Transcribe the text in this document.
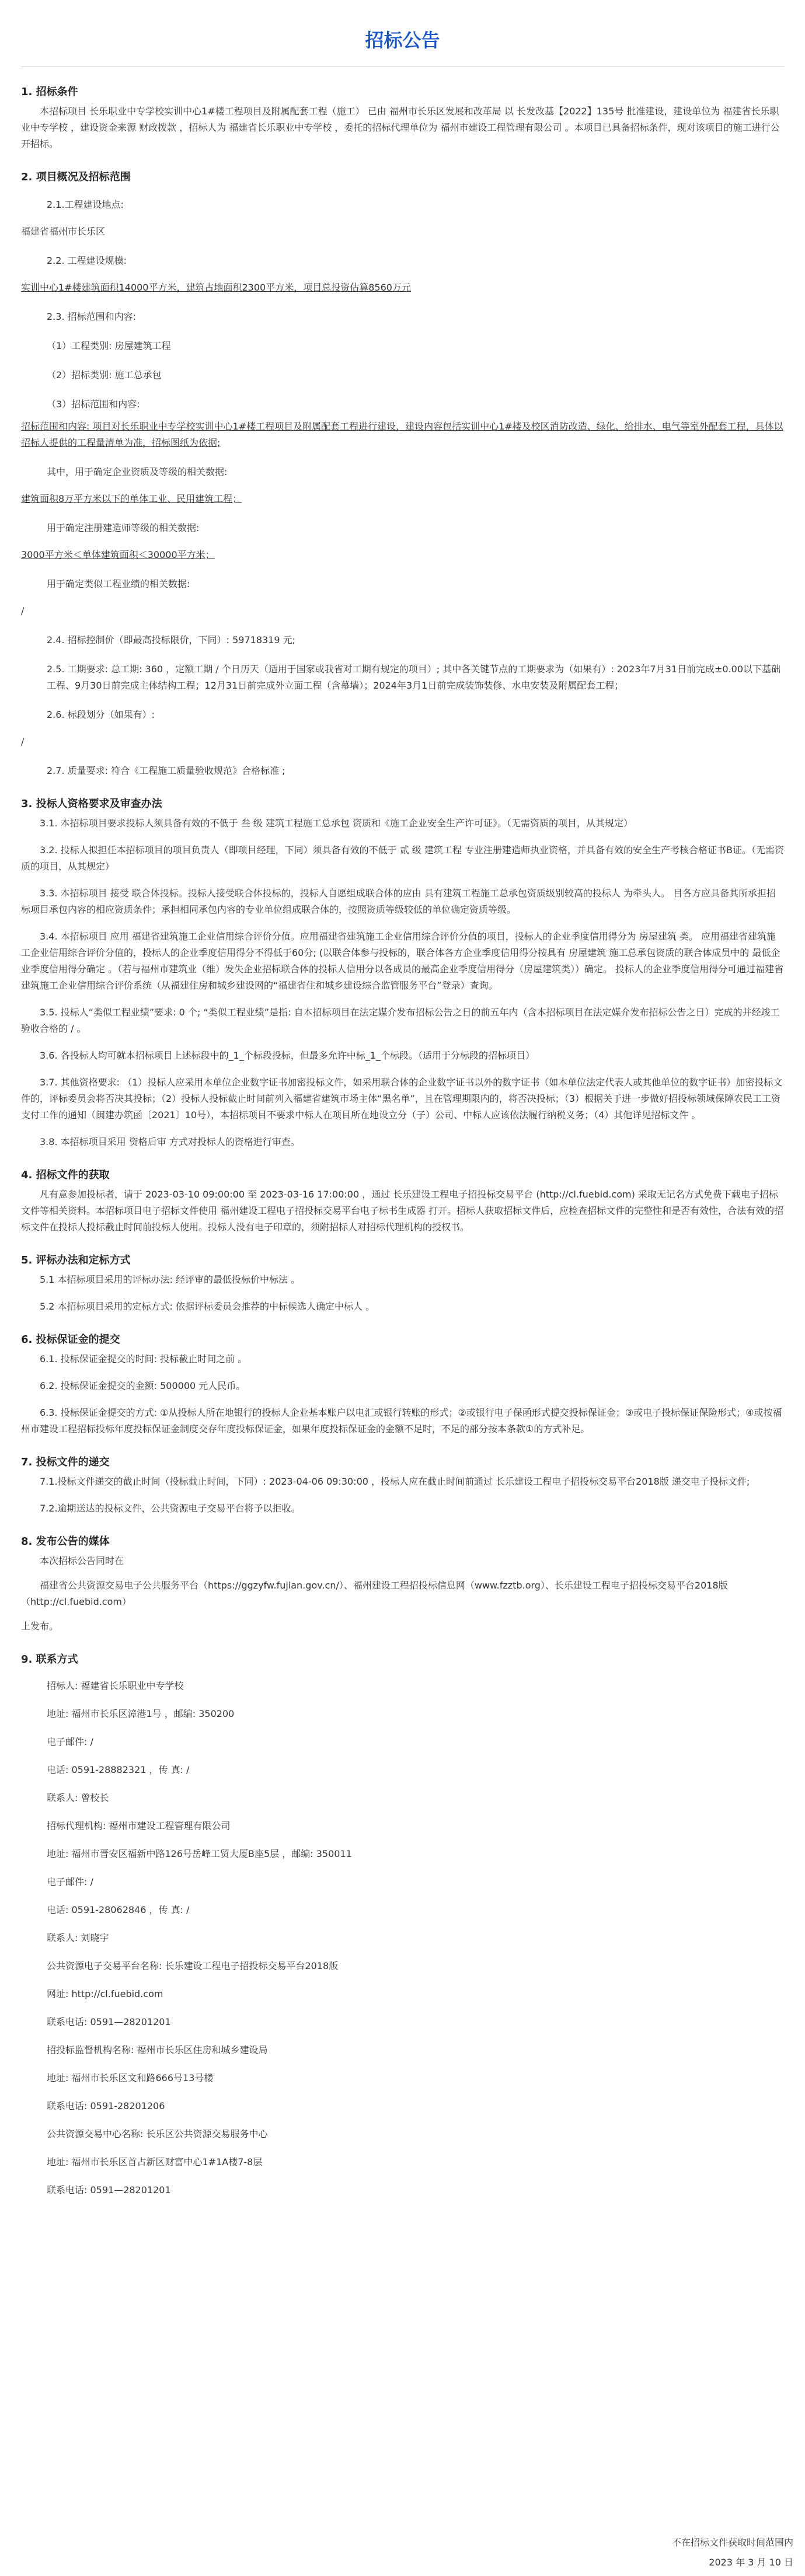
招标公告
1. 招标条件

本招标项目 长乐职业中专学校实训中心1#楼工程项目及附属配套工程（施工） 已由 福州市长乐区发展和改革局 以 长发改基【2022】135号 批准建设，建设单位为 福建省长乐职业中专学校 ，建设资金来源 财政拨款 ，招标人为 福建省长乐职业中专学校 ，委托的招标代理单位为 福州市建设工程管理有限公司 。本项目已具备招标条件，现对该项目的施工进行公开招标。

2. 项目概况及招标范围

2.1.工程建设地点:

福建省福州市长乐区

2.2. 工程建设规模:

实训中心1#楼建筑面积14000平方米，建筑占地面积2300平方米，项目总投资估算8560万元

2.3. 招标范围和内容:

（1）工程类别: 房屋建筑工程

（2）招标类别: 施工总承包

（3）招标范围和内容:

招标范围和内容: 项目对长乐职业中专学校实训中心1#楼工程项目及附属配套工程进行建设，建设内容包括实训中心1#楼及校区消防改造、绿化、给排水、电气等室外配套工程，具体以招标人提供的工程量清单为准，招标图纸为依据;

其中，用于确定企业资质及等级的相关数据:

建筑面积8万平方米以下的单体工业、民用建筑工程；

用于确定注册建造师等级的相关数据:

3000平方米＜单体建筑面积＜30000平方米；

用于确定类似工程业绩的相关数据:

/

2.4. 招标控制价（即最高投标限价，下同）: 59718319 元;

2.5. 工期要求: 总工期: 360 ，定额工期 / 个日历天（适用于国家或我省对工期有规定的项目）; 其中各关键节点的工期要求为（如果有）: 2023年7月31日前完成±0.00以下基础工程、9月30日前完成主体结构工程；12月31日前完成外立面工程（含幕墙）；2024年3月1日前完成装饰装修、水电安装及附属配套工程；

2.6. 标段划分（如果有）:

/

2.7. 质量要求: 符合《工程施工质量验收规范》合格标准 ;

3. 投标人资格要求及审查办法

3.1. 本招标项目要求投标人须具备有效的不低于 叁 级 建筑工程施工总承包 资质和《施工企业安全生产许可证》。（无需资质的项目，从其规定）

3.2. 投标人拟担任本招标项目的项目负责人（即项目经理，下同）须具备有效的不低于 贰 级 建筑工程 专业注册建造师执业资格，并具备有效的安全生产考核合格证书B证。（无需资质的项目，从其规定）

3.3. 本招标项目 接受 联合体投标。投标人接受联合体投标的，投标人自愿组成联合体的应由 具有建筑工程施工总承包资质级别较高的投标人 为牵头人。 目各方应具备其所承担招标项目承包内容的相应资质条件；承担相同承包内容的专业单位组成联合体的，按照资质等级较低的单位确定资质等级。

3.4. 本招标项目 应用 福建省建筑施工企业信用综合评价分值。应用福建省建筑施工企业信用综合评价分值的项目，投标人的企业季度信用得分为 房屋建筑 类。 应用福建省建筑施工企业信用综合评价分值的，投标人的企业季度信用得分不得低于60分; (以联合体参与投标的，联合体各方企业季度信用得分按具有 房屋建筑 施工总承包资质的联合体成员中的 最低企业季度信用得分确定 。（若与福州市建筑业（维）发失企业招标联合体的投标人信用分以各成员的最高企业季度信用得分（房屋建筑类））确定。 投标人的企业季度信用得分可通过福建省建筑施工企业信用综合评价系统（从福建住房和城乡建设网的“福建省住和城乡建设综合监管服务平台”登录）查询。

3.5. 投标人“类似工程业绩”要求: 0 个; “类似工程业绩”是指: 自本招标项目在法定媒介发布招标公告之日的前五年内（含本招标项目在法定媒介发布招标公告之日）完成的并经竣工验收合格的 / 。

3.6. 各投标人均可就本招标项目上述标段中的_1_个标段投标，但最多允许中标_1_个标段。（适用于分标段的招标项目）

3.7. 其他资格要求: （1）投标人应采用本单位企业数字证书加密投标文件，如采用联合体的企业数字证书以外的数字证书（如本单位法定代表人或其他单位的数字证书）加密投标文件的，评标委员会将否决其投标；（2）投标人投标截止时间前列入福建省建筑市场主体“黑名单”，且在管理期限内的，将否决投标；（3）根据关于进一步做好招投标领域保障农民工工资支付工作的通知（闽建办筑函〔2021〕10号），本招标项目不要求中标人在项目所在地设立分（子）公司、中标人应该依法履行纳税义务；（4）其他详见招标文件 。

3.8. 本招标项目采用 资格后审 方式对投标人的资格进行审查。

4. 招标文件的获取

凡有意参加投标者，请于 2023-03-10 09:00:00 至 2023-03-16 17:00:00 ，通过 长乐建设工程电子招投标交易平台 (http://cl.fuebid.com) 采取无记名方式免费下载电子招标文件等相关资料。本招标项目电子招标文件使用 福州建设工程电子招投标交易平台电子标书生成器 打开。招标人获取招标文件后，应检查招标文件的完整性和是否有效性，合法有效的招标文件在投标人投标截止时间前投标人使用。投标人没有电子印章的，须附招标人对招标代理机构的授权书。

5. 评标办法和定标方式

5.1 本招标项目采用的评标办法: 经评审的最低投标价中标法 。

5.2 本招标项目采用的定标方式: 依据评标委员会推荐的中标候选人确定中标人 。

6. 投标保证金的提交

6.1. 投标保证金提交的时间: 投标截止时间之前 。

6.2. 投标保证金提交的金额: 500000 元人民币。

6.3. 投标保证金提交的方式: ①从投标人所在地银行的投标人企业基本账户以电汇或银行转账的形式；②或银行电子保函形式提交投标保证金；③或电子投标保证保险形式；④或按福州市建设工程招标投标年度投标保证金制度交存年度投标保证金，如果年度投标保证金的金额不足时，不足的部分按本条款①的方式补足。

7. 投标文件的递交

7.1.投标文件递交的截止时间（投标截止时间，下同）: 2023-04-06 09:30:00 ，投标人应在截止时间前通过 长乐建设工程电子招投标交易平台2018版 递交电子投标文件;

7.2.逾期送达的投标文件，公共资源电子交易平台将予以拒收。

8. 发布公告的媒体

本次招标公告同时在

福建省公共资源交易电子公共服务平台（https://ggzyfw.fujian.gov.cn/）、福州建设工程招投标信息网（www.fzztb.org）、长乐建设工程电子招投标交易平台2018版（http://cl.fuebid.com）

上发布。

9. 联系方式

招标人: 福建省长乐职业中专学校

地址: 福州市长乐区漳港1号 ，邮编: 350200

电子邮件: /

电话: 0591-28882321 ，传 真: /

联系人: 曾校长

招标代理机构: 福州市建设工程管理有限公司

地址: 福州市晋安区福新中路126号岳峰工贸大厦B座5层 ，邮编: 350011

电子邮件: /

电话: 0591-28062846 ，传 真: /

联系人: 刘晓宇

公共资源电子交易平台名称: 长乐建设工程电子招投标交易平台2018版

网址: http://cl.fuebid.com

联系电话: 0591—28201201

招投标监督机构名称: 福州市长乐区住房和城乡建设局

地址: 福州市长乐区文和路666号13号楼

联系电话: 0591-28201206

公共资源交易中心名称: 长乐区公共资源交易服务中心

地址: 福州市长乐区首占新区财富中心1#1A楼7-8层

联系电话: 0591—28201201

不在招标文件获取时间范围内
2023 年 3 月 10 日
